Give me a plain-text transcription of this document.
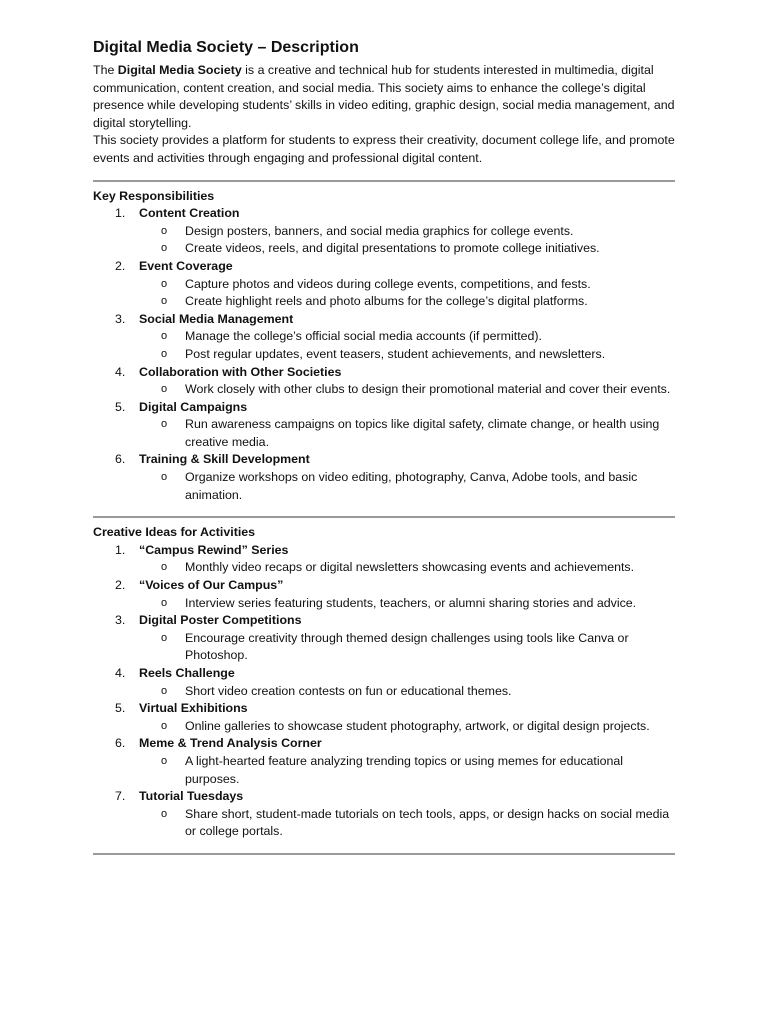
Digital Media Society – Description

The Digital Media Society is a creative and technical hub for students interested in multimedia, digital communication, content creation, and social media. This society aims to enhance the college’s digital presence while developing students’ skills in video editing, graphic design, social media management, and digital storytelling.

This society provides a platform for students to express their creativity, document college life, and promote events and activities through engaging and professional digital content.

Key Responsibilities

1. Content Creation
o Design posters, banners, and social media graphics for college events.
o Create videos, reels, and digital presentations to promote college initiatives.
2. Event Coverage
o Capture photos and videos during college events, competitions, and fests.
o Create highlight reels and photo albums for the college’s digital platforms.
3. Social Media Management
o Manage the college’s official social media accounts (if permitted).
o Post regular updates, event teasers, student achievements, and newsletters.
4. Collaboration with Other Societies
o Work closely with other clubs to design their promotional material and cover their events.
5. Digital Campaigns
o Run awareness campaigns on topics like digital safety, climate change, or health using creative media.
6. Training & Skill Development
o Organize workshops on video editing, photography, Canva, Adobe tools, and basic animation.

Creative Ideas for Activities

1. “Campus Rewind” Series
o Monthly video recaps or digital newsletters showcasing events and achievements.
2. “Voices of Our Campus”
o Interview series featuring students, teachers, or alumni sharing stories and advice.
3. Digital Poster Competitions
o Encourage creativity through themed design challenges using tools like Canva or Photoshop.
4. Reels Challenge
o Short video creation contests on fun or educational themes.
5. Virtual Exhibitions
o Online galleries to showcase student photography, artwork, or digital design projects.
6. Meme & Trend Analysis Corner
o A light-hearted feature analyzing trending topics or using memes for educational purposes.
7. Tutorial Tuesdays
o Share short, student-made tutorials on tech tools, apps, or design hacks on social media or college portals.
